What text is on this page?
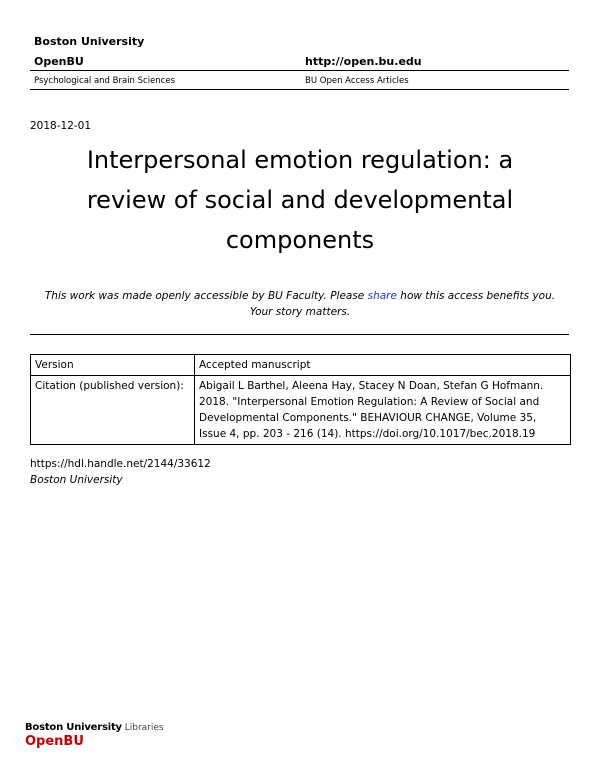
Boston University
OpenBU	http://open.bu.edu
Psychological and Brain Sciences	BU Open Access Articles
2018-12-01
Interpersonal emotion regulation: a
review of social and developmental
components
This work was made openly accessible by BU Faculty. Please share how this access benefits you.
Your story matters.
Version	Accepted manuscript
Citation (published version):	Abigail L Barthel, Aleena Hay, Stacey N Doan, Stefan G Hofmann.
2018. "Interpersonal Emotion Regulation: A Review of Social and
Developmental Components." BEHAVIOUR CHANGE, Volume 35,
Issue 4, pp. 203 - 216 (14). https://doi.org/10.1017/bec.2018.19
https://hdl.handle.net/2144/33612
Boston University
Boston University Libraries
OpenBU
